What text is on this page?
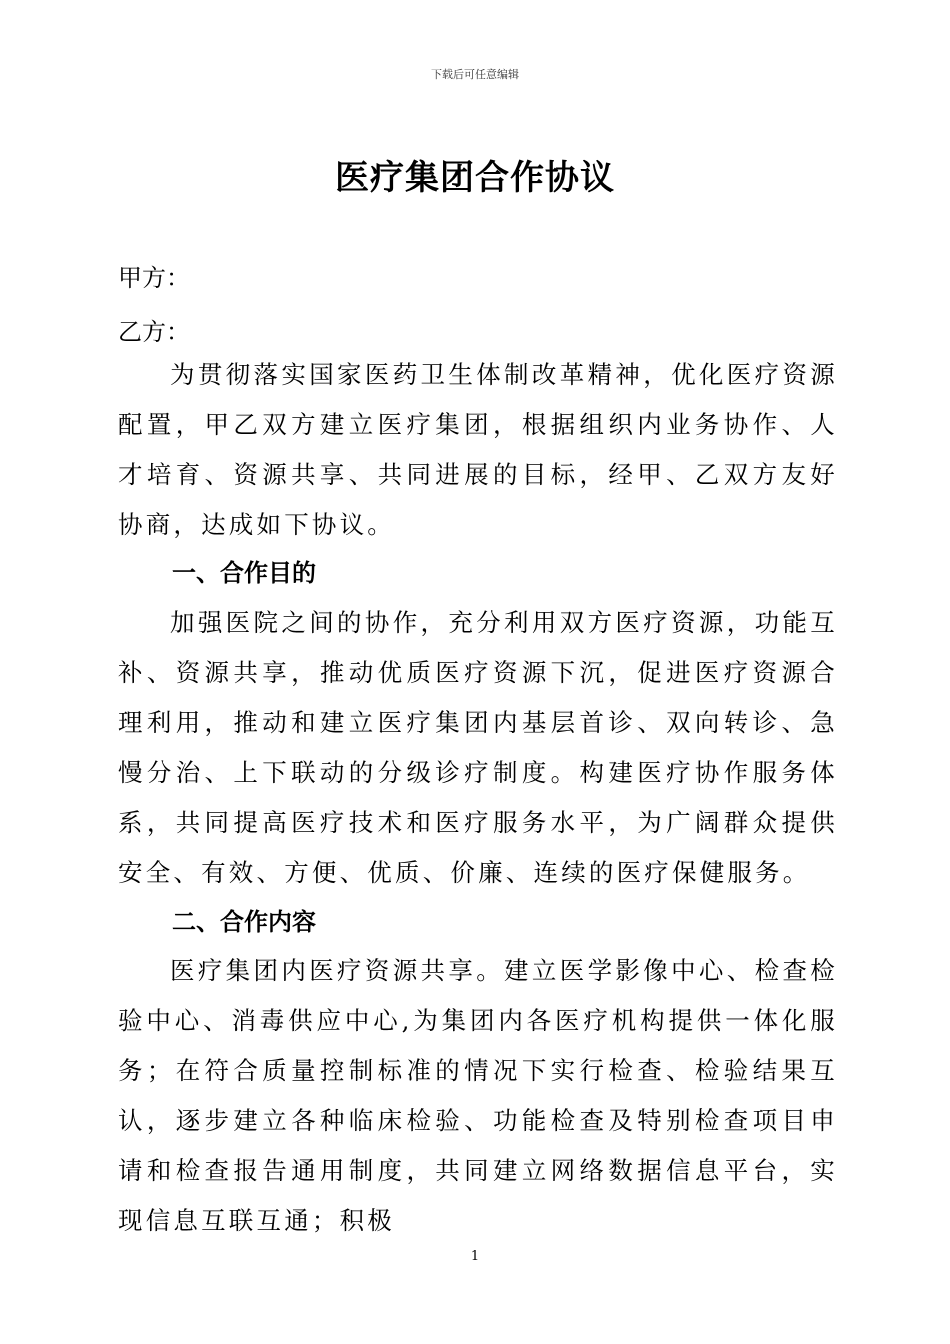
下载后可任意编辑
医疗集团合作协议
甲方：
乙方：
为贯彻落实国家医药卫生体制改革精神，优化医疗资源配置，甲乙双方建立医疗集团，根据组织内业务协作、人才培育、资源共享、共同进展的目标，经甲、乙双方友好协商，达成如下协议。
一、合作目的
加强医院之间的协作，充分利用双方医疗资源，功能互补、资源共享，推动优质医疗资源下沉，促进医疗资源合理利用，推动和建立医疗集团内基层首诊、双向转诊、急慢分治、上下联动的分级诊疗制度。构建医疗协作服务体系，共同提高医疗技术和医疗服务水平，为广阔群众提供安全、有效、方便、优质、价廉、连续的医疗保健服务。
二、合作内容
医疗集团内医疗资源共享。建立医学影像中心、检查检验中心、消毒供应中心,为集团内各医疗机构提供一体化服务；在符合质量控制标准的情况下实行检查、检验结果互认，逐步建立各种临床检验、功能检查及特别检查项目申请和检查报告通用制度，共同建立网络数据信息平台，实现信息互联互通；积极
1
